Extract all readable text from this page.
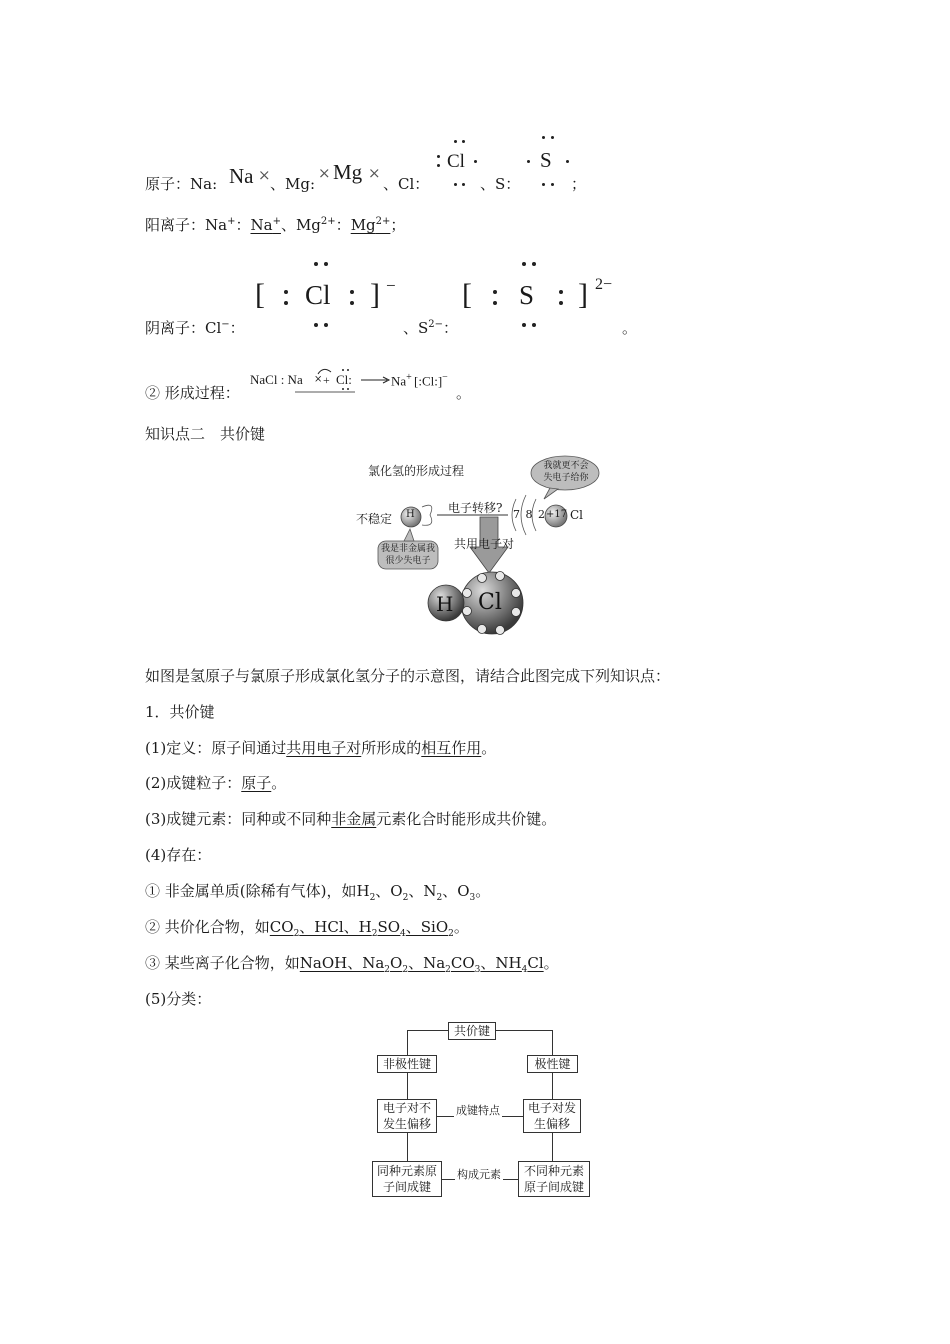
原子：Na: Na × 、Mg:
× Mg ×
、Cl：
Cl
、S：
S
；
阳离子：Na+：Na+、$Mg^{2+}$：$Mg^{2+}$；
阴离子：Cl−：
[ Cl ] −
、$S^{2-}$：
[ S ] 2−
。
② 形成过程：
NaCl : Na × + Cl:	Na+ [:Cl:]−
。
知识点二　共价键
氯化氢的形成过程
不稳定 H	电子转移? 7 8 2 +17 Cl
我就更不会失电子给你
我是非金属我很少失电子
共用电子对
H Cl
如图是氢原子与氯原子形成氯化氢分子的示意图，请结合此图完成下列知识点：
1．共价键
(1)定义：原子间通过共用电子对所形成的相互作用。
(2)成键粒子：原子。
(3)成键元素：同种或不同种非金属元素化合时能形成共价键。
(4)存在：
① 非金属单质(除稀有气体)，如$H_2$、$O_2$、$N_2$、$O_3$。
② 共价化合物，如$CO_2$、HCl、$H_2SO_4$、SiO$_2$。
③ 某些离子化合物，如NaOH、$Na_2O_2$、$Na_2CO_3$、$NH_4Cl$。
(5)分类：
共价键
非极性键	极性键
电子对不发生偏移
电子对发生偏移
成键特点
同种元素原子间成键
不同种元素原子间成键
构成元素
